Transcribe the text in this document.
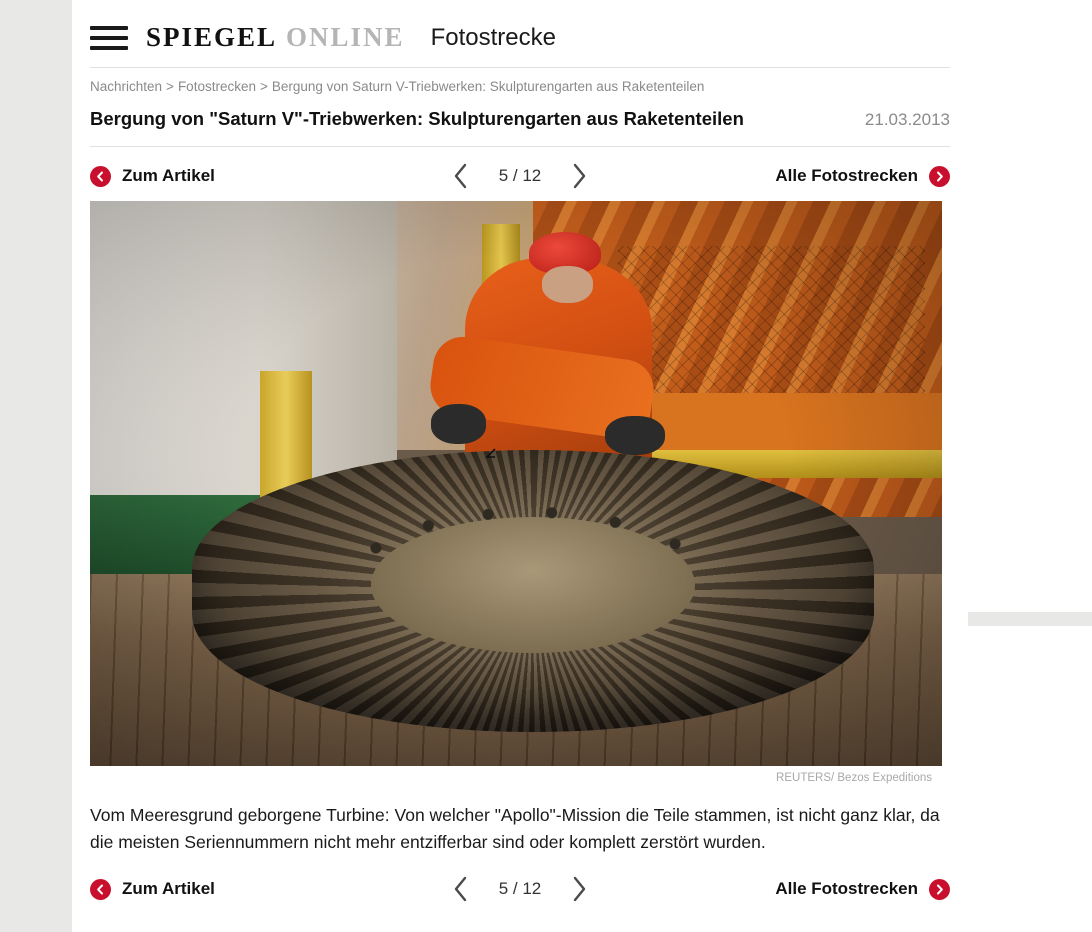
SPIEGEL ONLINE Fotostrecke
Nachrichten > Fotostrecken > Bergung von Saturn V-Triebwerken: Skulpturengarten aus Raketenteilen
Bergung von "Saturn V"-Triebwerken: Skulpturengarten aus Raketenteilen	21.03.2013
Zum Artikel	5 / 12	Alle Fotostrecken
REUTERS/ Bezos Expeditions
Vom Meeresgrund geborgene Turbine: Von welcher "Apollo"-Mission die Teile stammen, ist nicht ganz klar, da die meisten Seriennummern nicht mehr entzifferbar sind oder komplett zerstört wurden.
Zum Artikel	5 / 12	Alle Fotostrecken
